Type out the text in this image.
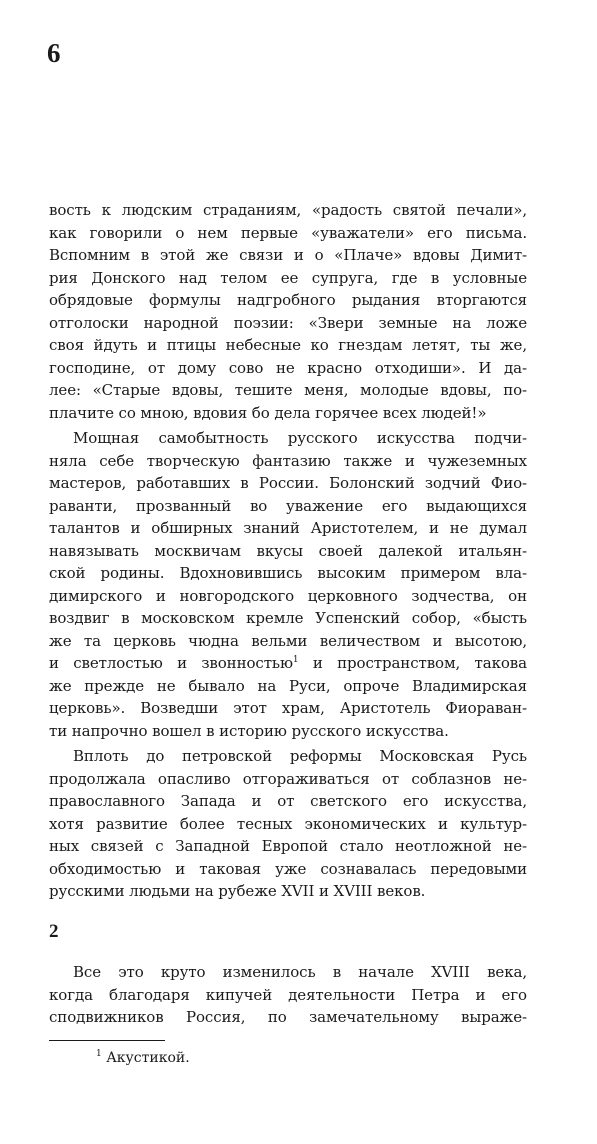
6
вость к людским страданиям, «радость святой печали»,
как говорили о нем первые «уважатели» его письма.
Вспомним в этой же связи и о «Плаче» вдовы Димит-
рия Донского над телом ее супруга, где в условные
обрядовые формулы надгробного рыдания вторгаются
отголоски народной поэзии: «Звери земные на ложе
своя йдуть и птицы небесные ко гнездам летят, ты же,
господине, от дому сово не красно отходиши». И да-
лее: «Старые вдовы, тешите меня, молодые вдовы, по-
плачите со мною, вдовия бо дела горячее всех людей!»
Мощная самобытность русского искусства подчи-
няла себе творческую фантазию также и чужеземных
мастеров, работавших в России. Болонский зодчий Фио-
раванти, прозванный во уважение его выдающихся
талантов и обширных знаний Аристотелем, и не думал
навязывать москвичам вкусы своей далекой итальян-
ской родины. Вдохновившись высоким примером вла-
димирского и новгородского церковного зодчества, он
воздвиг в московском кремле Успенский собор, «бысть
же та церковь чюдна вельми величеством и высотою,
и светлостью и звонностью$^1$ и пространством, такова
же прежде не бывало на Руси, опроче Владимирская
церковь». Возведши этот храм, Аристотель Фиораван-
ти напрочно вошел в историю русского искусства.
Вплоть до петровской реформы Московская Русь
продолжала опасливо отгораживаться от соблазнов не-
православного Запада и от светского его искусства,
хотя развитие более тесных экономических и культур-
ных связей с Западной Европой стало неотложной не-
обходимостью и таковая уже сознавалась передовыми
русскими людьми на рубеже XVII и XVIII веков.
2
Все это круто изменилось в начале XVIII века,
когда благодаря кипучей деятельности Петра и его
сподвижников Россия, по замечательному выраже-
$^1$ Акустикой.
